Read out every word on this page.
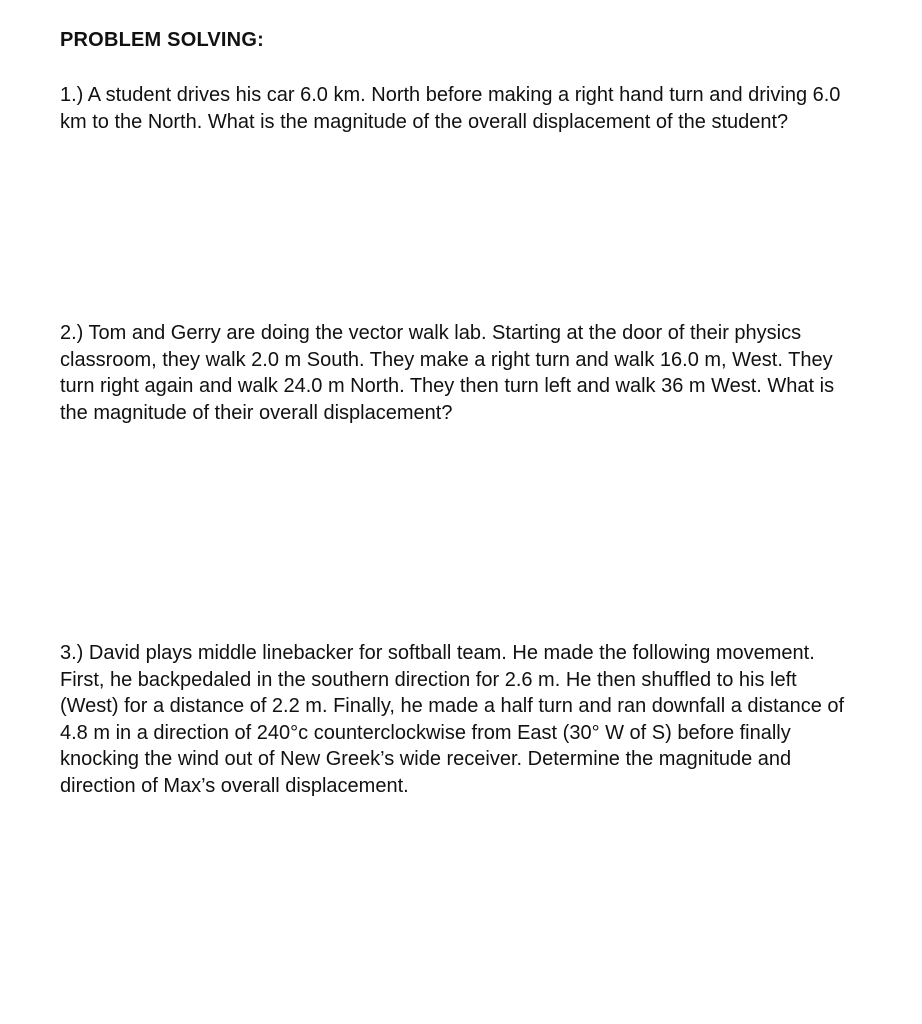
PROBLEM SOLVING:

1.) A student drives his car 6.0 km. North before making a right hand turn and driving 6.0 km to the North. What is the magnitude of the overall displacement of the student?

2.) Tom and Gerry are doing the vector walk lab. Starting at the door of their physics classroom, they walk 2.0 m South. They make a right turn and walk 16.0 m, West. They turn right again and walk 24.0 m North. They then turn left and walk 36 m West. What is the magnitude of their overall displacement?

3.) David plays middle linebacker for softball team. He made the following movement. First, he backpedaled in the southern direction for 2.6 m. He then shuffled to his left (West) for a distance of 2.2 m. Finally, he made a half turn and ran downfall a distance of 4.8 m in a direction of 240°c counterclockwise from East (30° W of S) before finally knocking the wind out of New Greek’s wide receiver. Determine the magnitude and direction of Max’s overall displacement.
